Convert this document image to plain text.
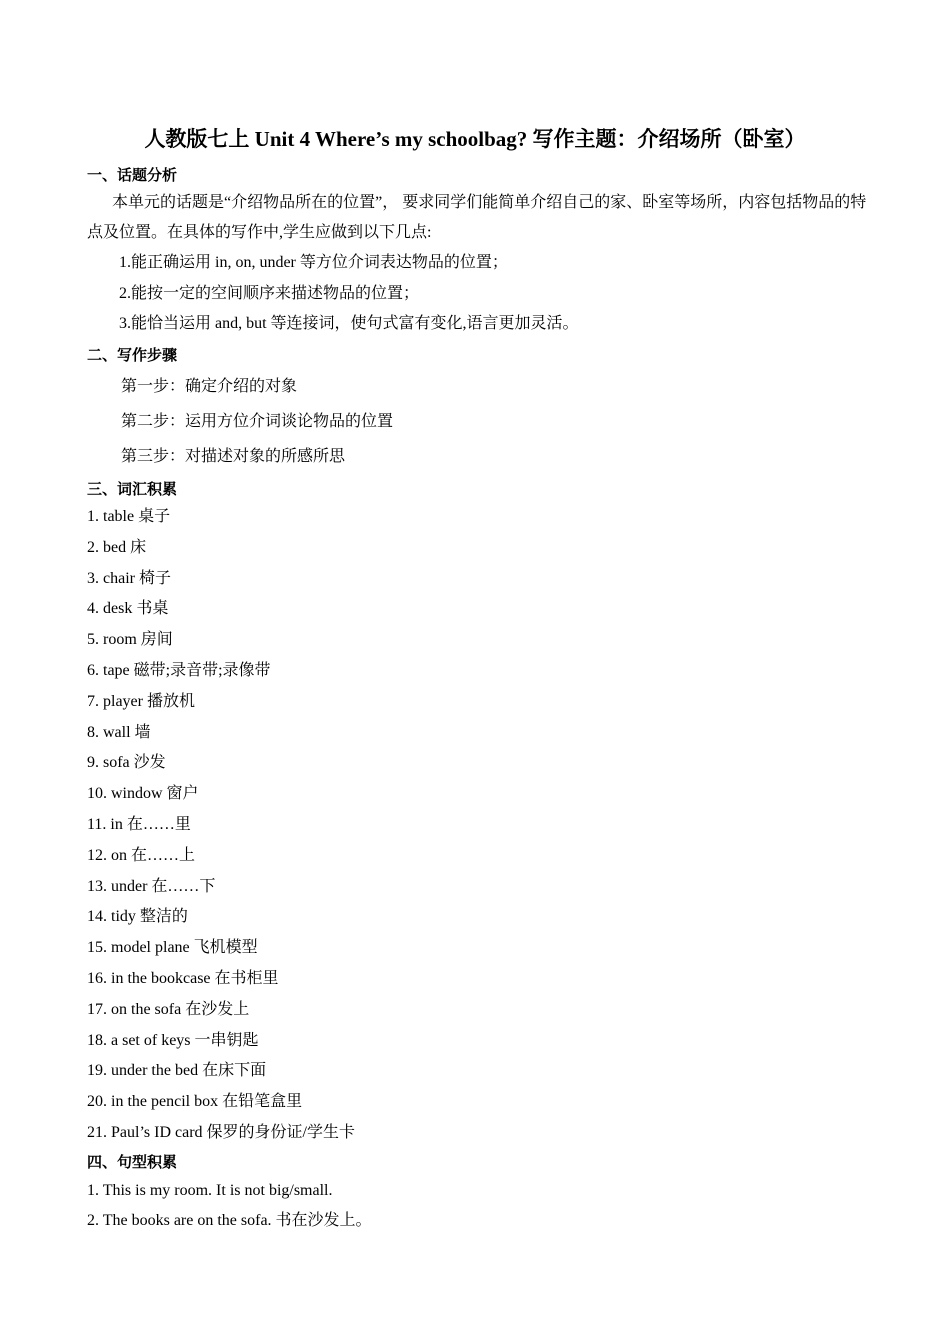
人教版七上 Unit 4 Where’s my schoolbag? 写作主题：介绍场所（卧室）
一、话题分析
本单元的话题是“介绍物品所在的位置”， 要求同学们能简单介绍自己的家、卧室等场所，内容包括物品的特点及位置。在具体的写作中,学生应做到以下几点:
1.能正确运用 in, on, under 等方位介词表达物品的位置；
2.能按一定的空间顺序来描述物品的位置；
3.能恰当运用 and, but 等连接词，使句式富有变化,语言更加灵活。
二、写作步骤
第一步：确定介绍的对象
第二步：运用方位介词谈论物品的位置
第三步：对描述对象的所感所思
三、词汇积累
1. table 桌子
2. bed 床
3. chair 椅子
4. desk 书桌
5. room 房间
6. tape 磁带;录音带;录像带
7. player 播放机
8. wall 墙
9. sofa 沙发
10. window 窗户
11. in 在……里
12. on 在……上
13. under 在……下
14. tidy 整洁的
15. model plane 飞机模型
16. in the bookcase 在书柜里
17. on the sofa 在沙发上
18. a set of keys 一串钥匙
19. under the bed 在床下面
20. in the pencil box 在铅笔盒里
21. Paul’s ID card 保罗的身份证/学生卡
四、句型积累
1. This is my room. It is not big/small.
2. The books are on the sofa. 书在沙发上。
